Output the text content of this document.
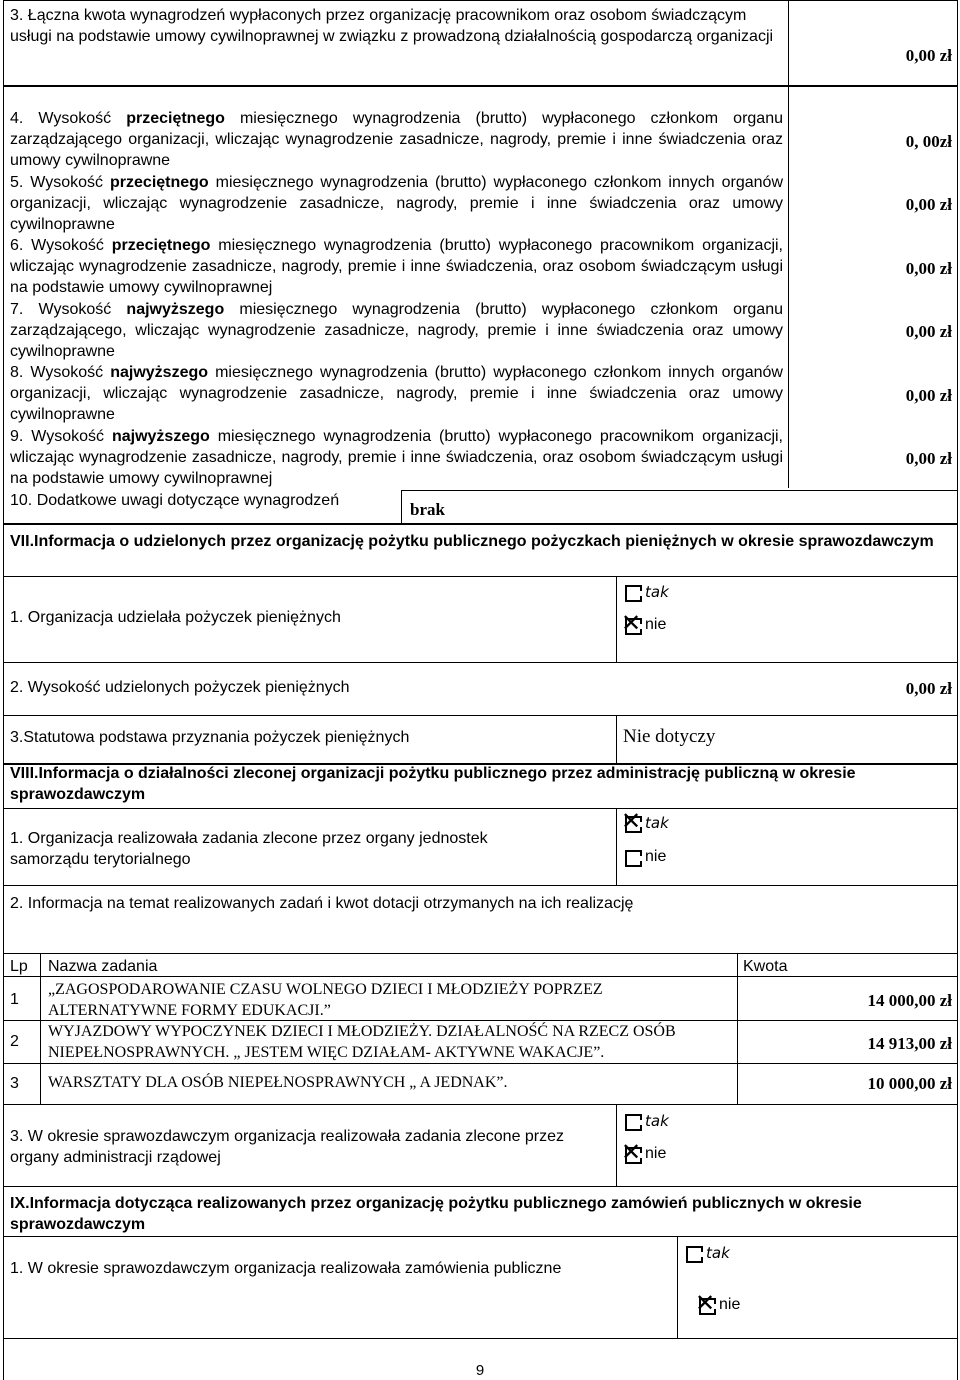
3. Łączna kwota wynagrodzeń wypłaconych przez organizację pracownikom oraz osobom świadczącym usługi na podstawie umowy cywilnoprawnej w związku z prowadzoną działalnością gospodarczą organizacji
0,00 zł
4. Wysokość przeciętnego miesięcznego wynagrodzenia (brutto) wypłaconego członkom organu zarządzającego organizacji, wliczając wynagrodzenie zasadnicze, nagrody, premie i inne świadczenia oraz umowy cywilnoprawne
0, 00zł
5. Wysokość przeciętnego miesięcznego wynagrodzenia (brutto) wypłaconego członkom innych organów organizacji, wliczając wynagrodzenie zasadnicze, nagrody, premie i inne świadczenia oraz umowy cywilnoprawne
0,00 zł
6. Wysokość przeciętnego miesięcznego wynagrodzenia (brutto) wypłaconego pracownikom organizacji, wliczając wynagrodzenie zasadnicze, nagrody, premie i inne świadczenia, oraz osobom świadczącym usługi na podstawie umowy cywilnoprawnej
0,00 zł
7. Wysokość najwyższego miesięcznego wynagrodzenia (brutto) wypłaconego członkom organu zarządzającego, wliczając wynagrodzenie zasadnicze, nagrody, premie i inne świadczenia oraz umowy cywilnoprawne
0,00 zł
8. Wysokość najwyższego miesięcznego wynagrodzenia (brutto) wypłaconego członkom innych organów organizacji, wliczając wynagrodzenie zasadnicze, nagrody, premie i inne świadczenia oraz umowy cywilnoprawne
0,00 zł
9. Wysokość najwyższego miesięcznego wynagrodzenia (brutto) wypłaconego pracownikom organizacji, wliczając wynagrodzenie zasadnicze, nagrody, premie i inne świadczenia, oraz osobom świadczącym usługi na podstawie umowy cywilnoprawnej
0,00 zł
10. Dodatkowe uwagi dotyczące wynagrodzeń	brak
VII.Informacja o udzielonych przez organizację pożytku publicznego pożyczkach pieniężnych w okresie sprawozdawczym
1. Organizacja udzielała pożyczek pieniężnych
tak
✕
nie
2. Wysokość udzielonych pożyczek pieniężnych	0,00 zł
3.Statutowa podstawa przyznania pożyczek pieniężnych	Nie dotyczy
VIII.Informacja o działalności zleconej organizacji pożytku publicznego przez administrację publiczną w okresie sprawozdawczym
1. Organizacja realizowała zadania zlecone przez organy jednostek samorządu terytorialnego
✕
tak
nie
2. Informacja na temat realizowanych zadań i kwot dotacji otrzymanych na ich realizację
Lp Nazwa zadania	Kwota
1
„ZAGOSPODAROWANIE CZASU WOLNEGO DZIECI I MŁODZIEŻY POPRZEZ ALTERNATYWNE FORMY EDUKACJI.”
14 000,00 zł
2
WYJAZDOWY WYPOCZYNEK DZIECI I MŁODZIEŻY. DZIAŁALNOŚĆ NA RZECZ OSÓB NIEPEŁNOSPRAWNYCH. „ JESTEM WIĘC DZIAŁAM- AKTYWNE WAKACJE”.	14 913,00 zł
3 WARSZTATY DLA OSÓB NIEPEŁNOSPRAWNYCH „ A JEDNAK”.	10 000,00 zł
3. W okresie sprawozdawczym organizacja realizowała zadania zlecone przez organy administracji rządowej
tak
✕
nie
IX.Informacja dotycząca realizowanych przez organizację pożytku publicznego zamówień publicznych w okresie sprawozdawczym
1. W okresie sprawozdawczym organizacja realizowała zamówienia publiczne
tak
✕
nie
9
